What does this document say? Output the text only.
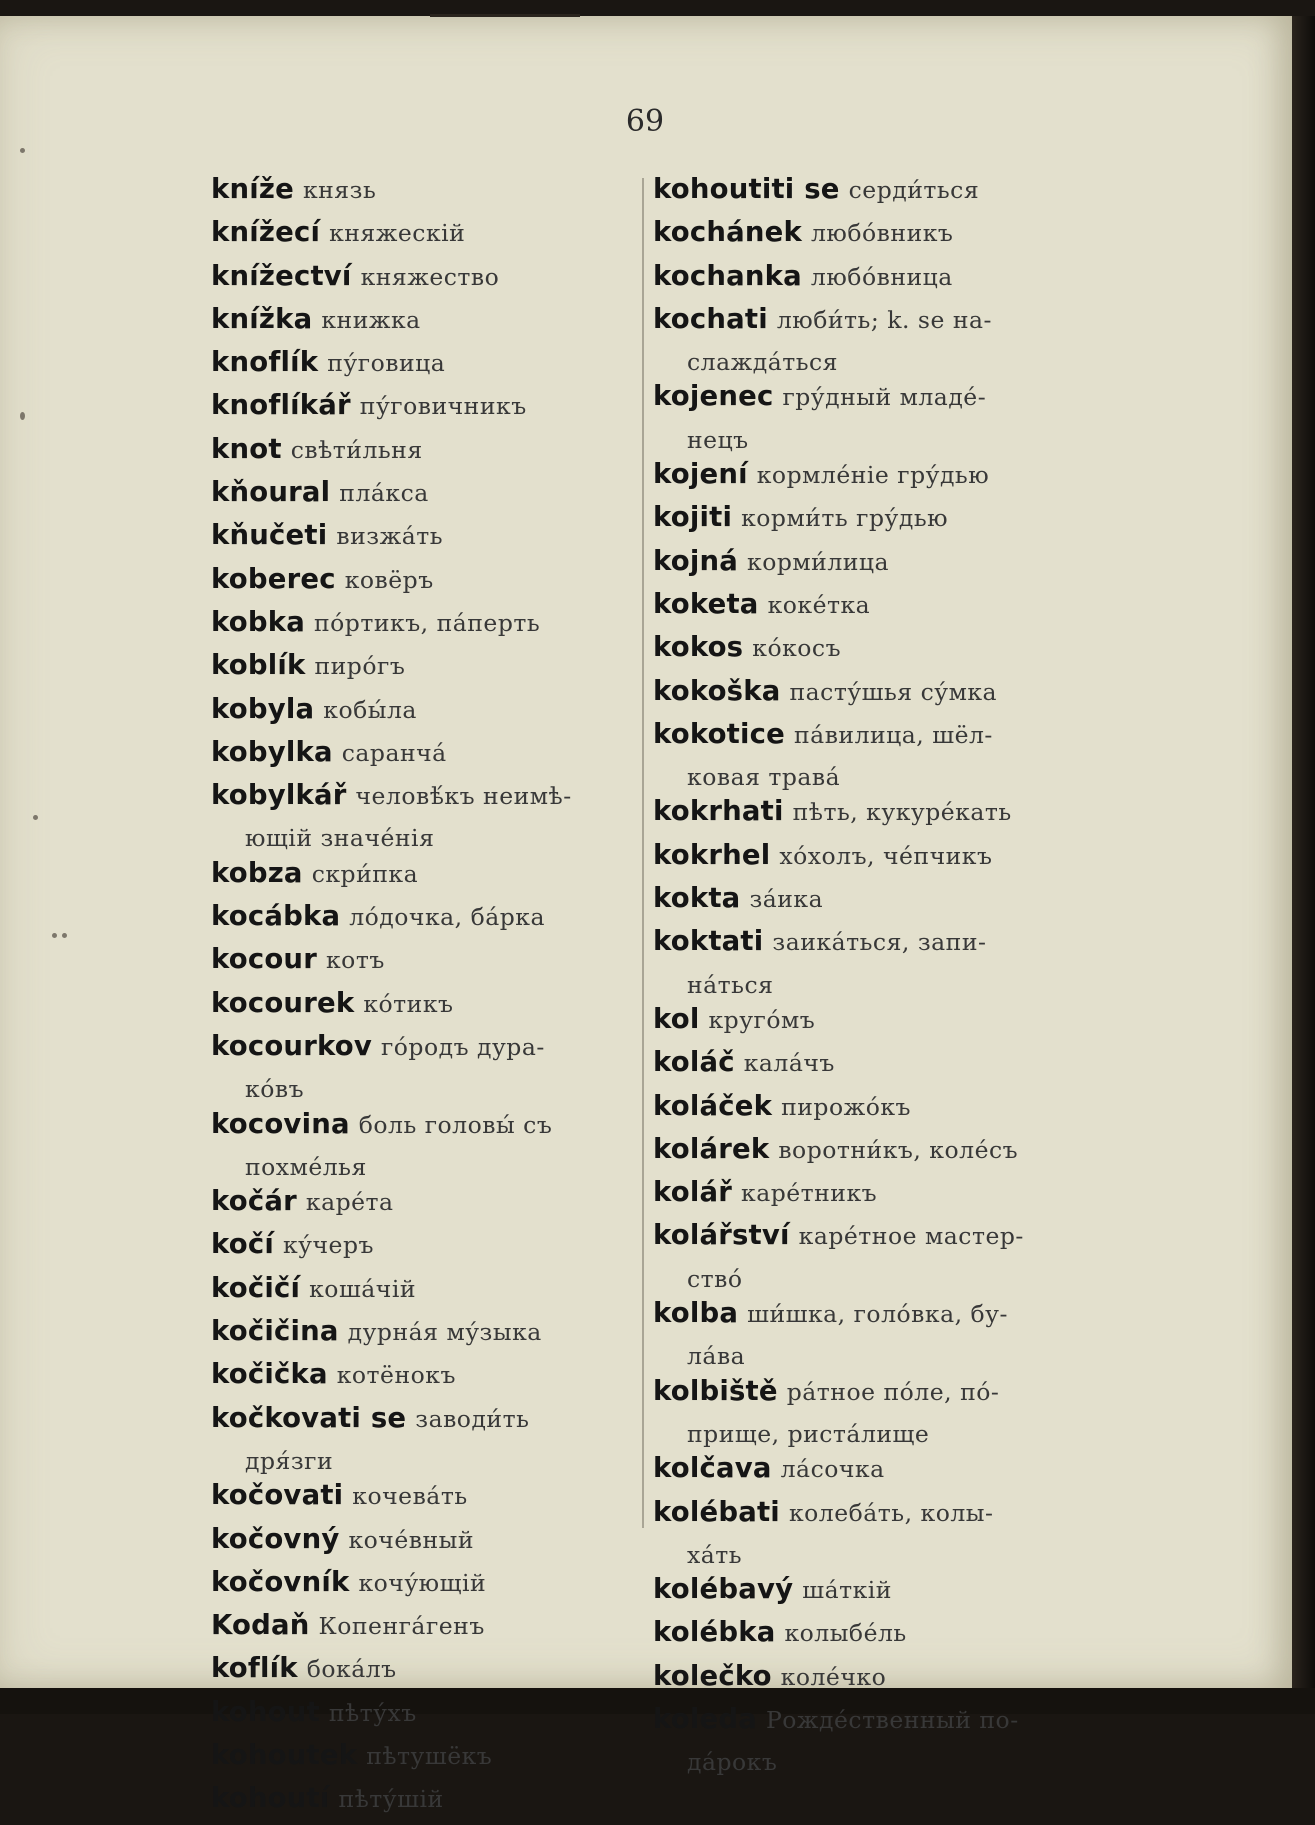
69
kníže князь
knížecí княжескій
knížectví княжество
knížka книжка
knoflík пу́говица
knoflíkář пу́говичникъ
knot свѣти́льня
kňoural пла́кса
kňučeti визжа́ть
koberec ковёръ
kobka по́ртикъ, па́перть
koblík пиро́гъ
kobyla кобы́ла
kobylka саранча́
kobylkář человѣ́къ неимѣ-
ющій значе́нія
kobza скри́пка
kocábka ло́дочка, ба́рка
kocour котъ
kocourek ко́тикъ
kocourkov го́родъ дура-
ко́въ
kocovina боль головы́ съ
похме́лья
kočár каре́та
kočí ку́черъ
kočičí коша́чій
kočičina дурна́я му́зыка
kočička котёнокъ
kočkovati se заводи́ть
дря́зги
kočovati кочева́ть
kočovný коче́вный
kočovník кочу́ющій
Kodaň Копенга́генъ
koflík бока́лъ
kohout пѣту́хъ
kohoutek пѣтушёкъ
kohoutí пѣту́шій
kohoutiti se серди́ться
kochánek любо́вникъ
kochanka любо́вница
kochati люби́ть; k. se на-
слажда́ться
kojenec гру́дный младе́-
нецъ
kojení кормле́ніе гру́дью
kojiti корми́ть гру́дью
kojná корми́лица
koketa коке́тка
kokos ко́косъ
kokoška пасту́шья су́мка
kokotice па́вилица, шёл-
ковая трава́
kokrhati пѣть, кукуре́кать
kokrhel хо́холъ, че́пчикъ
kokta за́ика
koktati заика́ться, запи-
на́ться
kol круго́мъ
koláč кала́чъ
koláček пирожо́къ
kolárek воротни́къ, коле́съ
kolář каре́тникъ
kolářství каре́тное мастер-
ство́
kolba ши́шка, голо́вка, бу-
ла́ва
kolbiště ра́тное по́ле, по́-
прище, риста́лище
kolčava ла́сочка
kolébati колеба́ть, колы-
ха́ть
kolébavý ша́ткій
kolébka колыбе́ль
kolečko коле́чко
koleda Рожде́ственный по-
да́рокъ
